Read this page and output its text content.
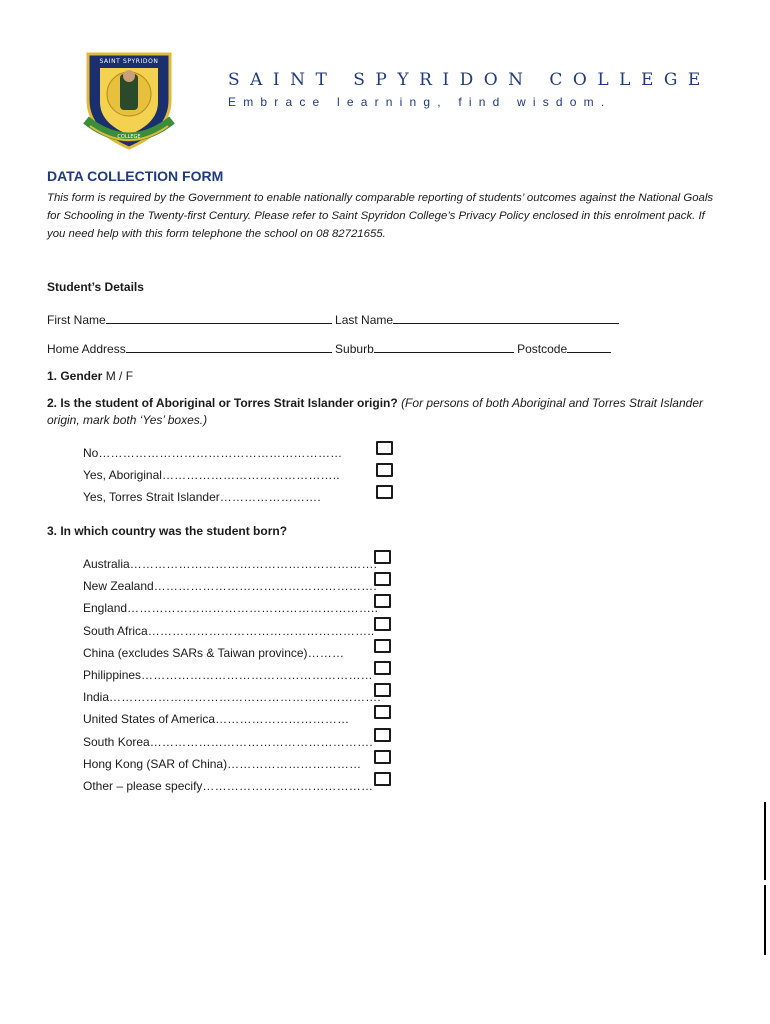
SAINT SPYRIDON
COLLEGE
SAINT SPYRIDON COLLEGE
Embrace learning, find wisdom.
DATA COLLECTION FORM

This form is required by the Government to enable nationally comparable reporting of students’ outcomes against the National Goals for Schooling in the Twenty-first Century. Please refer to Saint Spyridon College’s Privacy Policy enclosed in this enrolment pack. If you need help with this form telephone the school on 08 82721655.

Student’s Details
First Name	Last Name
Home Address	Suburb	Postcode

1. Gender M / F

2. Is the student of Aboriginal or Torres Strait Islander origin? (For persons of both Aboriginal and Torres Strait Islander origin, mark both ‘Yes’ boxes.)

No……………………………………………………
Yes, Aboriginal……………………………………..
Yes, Torres Strait Islander…………………….

3. In which country was the student born?

Australia…………………………………………………….
New Zealand……………………………………………….
England……………………………………………………..
South Africa………………………………………………..
China (excludes SARs & Taiwan province)………
Philippines…………………………………………………
India………………………………………………………….
United States of America……………………………
South Korea……………………………………………….
Hong Kong (SAR of China)……………………………
Other – please specify……………………………………
